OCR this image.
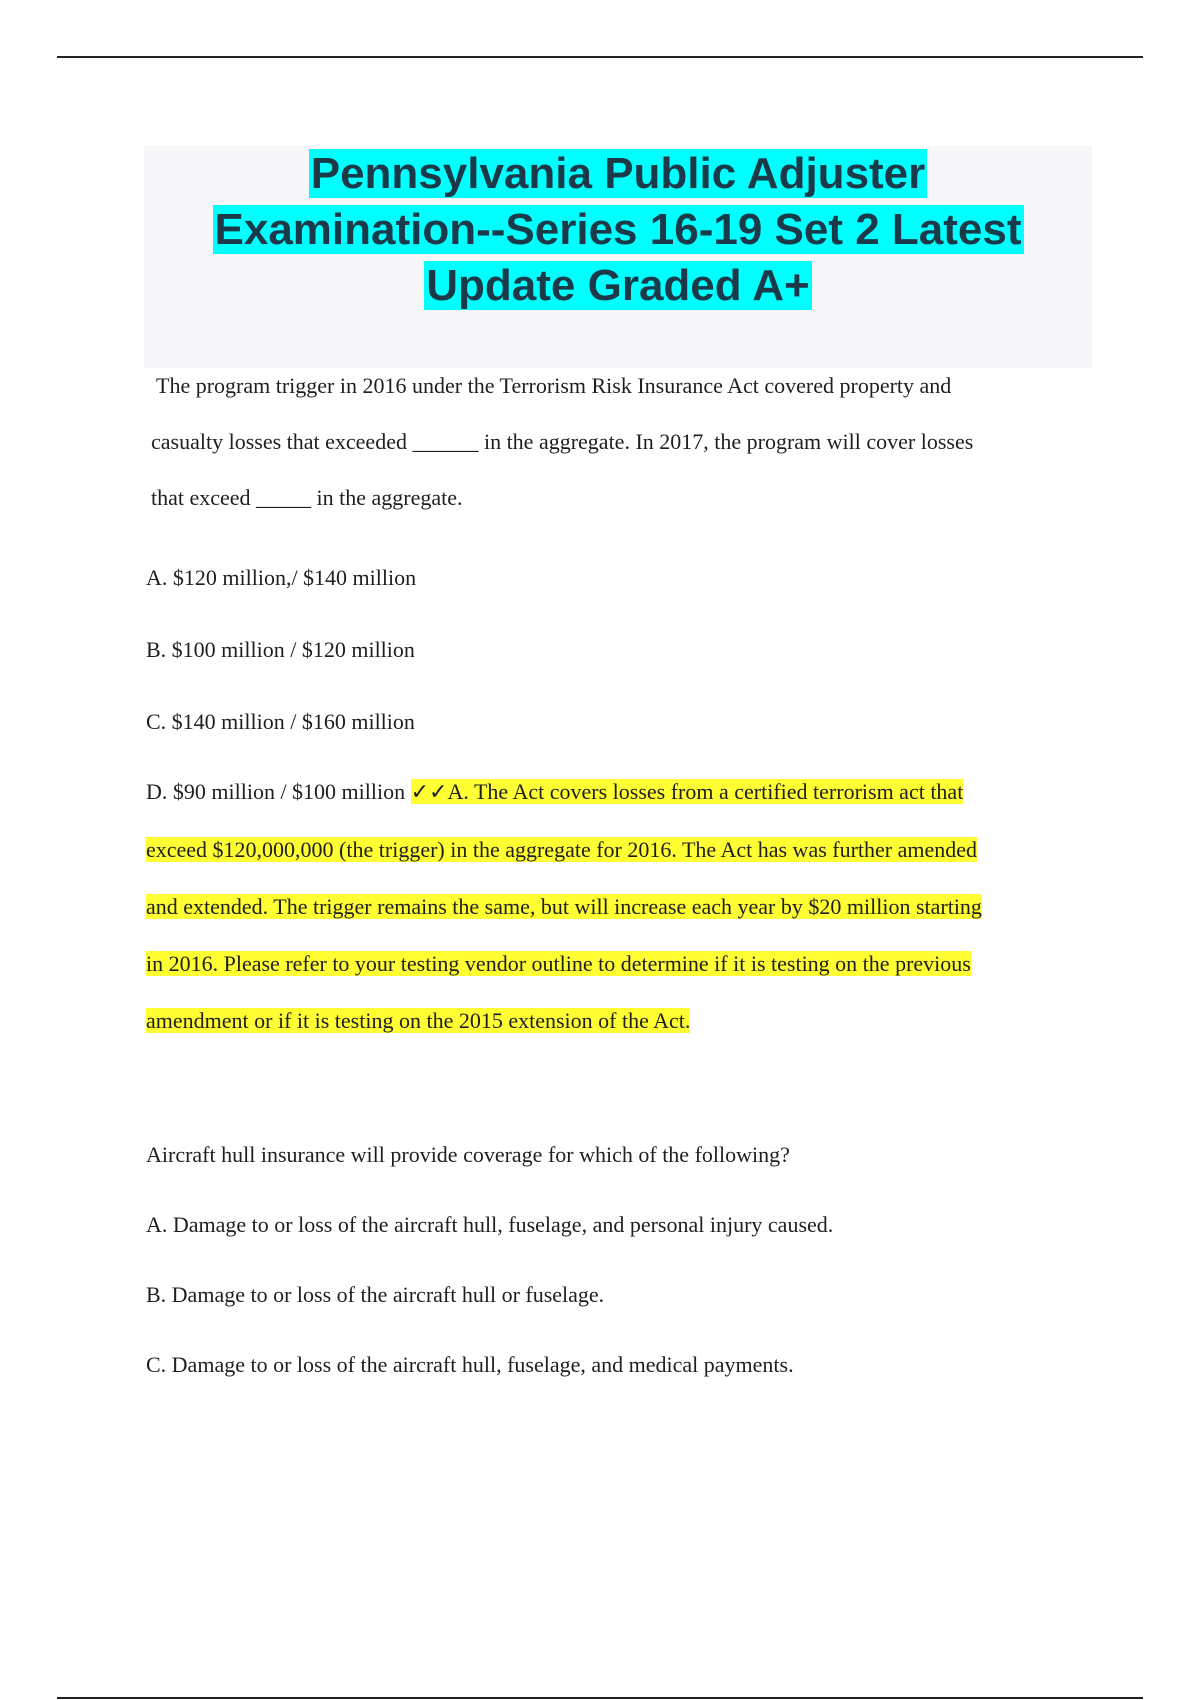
Pennsylvania Public Adjuster
Examination--Series 16-19 Set 2 Latest
Update Graded A+

The program trigger in 2016 under the Terrorism Risk Insurance Act covered property and
casualty losses that exceeded ______ in the aggregate. In 2017, the program will cover losses
that exceed _____ in the aggregate.

A. $120 million,/ $140 million

B. $100 million / $120 million

C. $140 million / $160 million

D. $90 million / $100 million ✓✓A. The Act covers losses from a certified terrorism act that
exceed $120,000,000 (the trigger) in the aggregate for 2016. The Act has was further amended
and extended. The trigger remains the same, but will increase each year by $20 million starting
in 2016. Please refer to your testing vendor outline to determine if it is testing on the previous
amendment or if it is testing on the 2015 extension of the Act.

Aircraft hull insurance will provide coverage for which of the following?

A. Damage to or loss of the aircraft hull, fuselage, and personal injury caused.

B. Damage to or loss of the aircraft hull or fuselage.

C. Damage to or loss of the aircraft hull, fuselage, and medical payments.
